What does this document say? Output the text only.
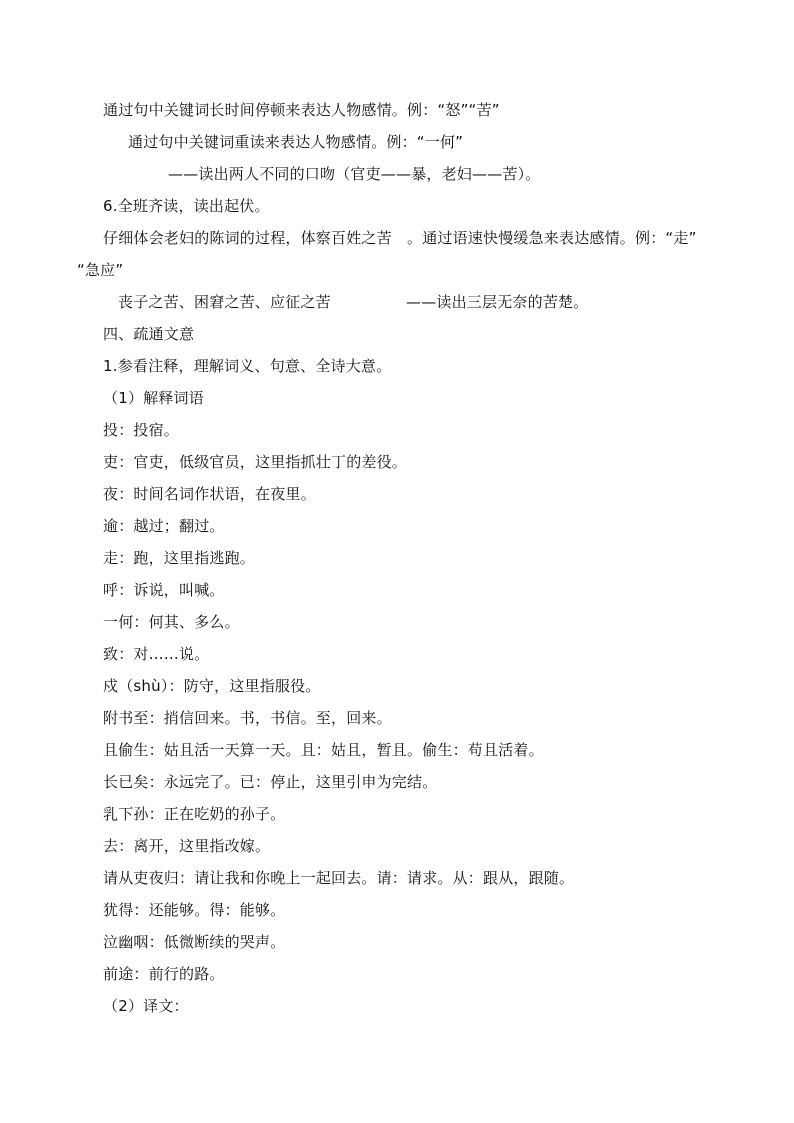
通过句中关键词长时间停顿来表达人物感情。例：“怒”“苦”
通过句中关键词重读来表达人物感情。例：“一何”
——读出两人不同的口吻（官吏——暴，老妇——苦）。
6.全班齐读，读出起伏。
仔细体会老妇的陈词的过程，体察百姓之苦　。通过语速快慢缓急来表达感情。例：“走”
“急应”
丧子之苦、困窘之苦、应征之苦	——读出三层无奈的苦楚。
四、疏通文意
1.参看注释，理解词义、句意、全诗大意。
（1）解释词语
投：投宿。
吏：官吏，低级官员，这里指抓壮丁的差役。
夜：时间名词作状语，在夜里。
逾：越过；翻过。
走：跑，这里指逃跑。
呼：诉说，叫喊。
一何：何其、多么。
致：对……说。
戍（shù）：防守，这里指服役。
附书至：捎信回来。书，书信。至，回来。
且偷生：姑且活一天算一天。且：姑且，暂且。偷生：苟且活着。
长已矣：永远完了。已：停止，这里引申为完结。
乳下孙：正在吃奶的孙子。
去：离开，这里指改嫁。
请从吏夜归：请让我和你晚上一起回去。请：请求。从：跟从，跟随。
犹得：还能够。得：能够。
泣幽咽：低微断续的哭声。
前途：前行的路。
（2）译文：
